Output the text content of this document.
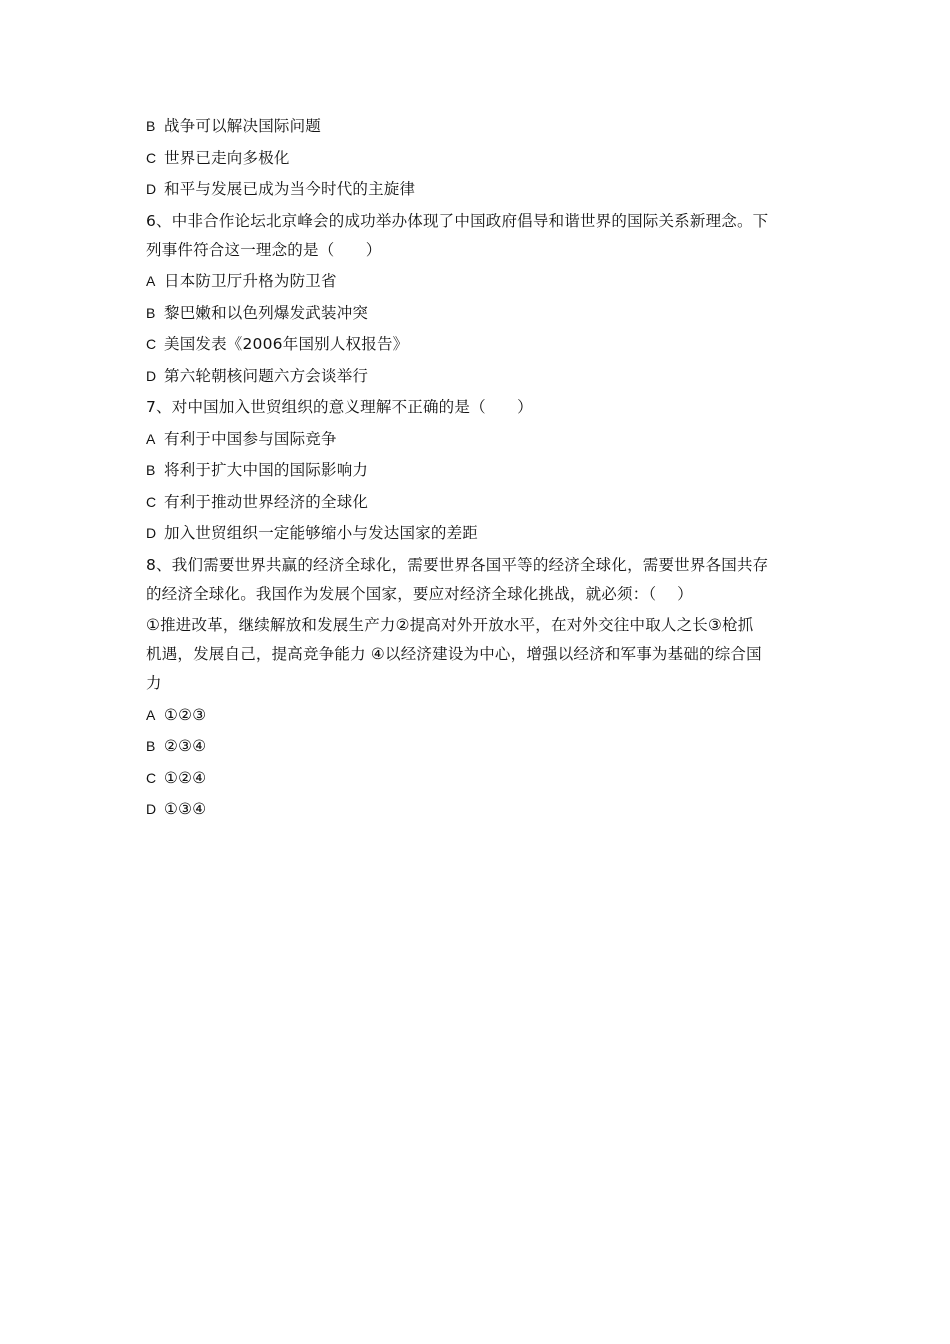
B 战争可以解决国际问题
C 世界已走向多极化
D 和平与发展已成为当今时代的主旋律
6、中非合作论坛北京峰会的成功举办体现了中国政府倡导和谐世界的国际关系新理念。下
列事件符合这一理念的是（　　）
A 日本防卫厅升格为防卫省
B 黎巴嫩和以色列爆发武装冲突
C 美国发表《2006年国别人权报告》
D 第六轮朝核问题六方会谈举行
7、对中国加入世贸组织的意义理解不正确的是（　　）
A 有利于中国参与国际竞争
B 将利于扩大中国的国际影响力
C 有利于推动世界经济的全球化
D 加入世贸组织一定能够缩小与发达国家的差距
8、我们需要世界共赢的经济全球化，需要世界各国平等的经济全球化，需要世界各国共存
的经济全球化。我国作为发展个国家，要应对经济全球化挑战，就必须：（　 ）
①推进改革，继续解放和发展生产力②提高对外开放水平，在对外交往中取人之长③枪抓
机遇，发展自己，提高竞争能力 ④以经济建设为中心，增强以经济和军事为基础的综合国
力
A ①②③
B ②③④
C ①②④
D ①③④
